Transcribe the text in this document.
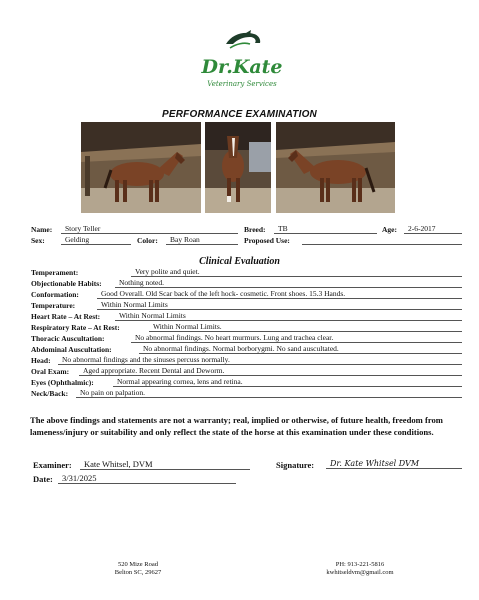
Dr.Kate
Veterinary Services
PERFORMANCE EXAMINATION
Name:	Story Teller	Breed:	TB	Age:	2-6-2017
Sex:	Gelding	Color:	Bay Roan	Proposed Use:
Clinical Evaluation
Temperament:	Very polite and quiet.
Objectionable Habits:	Nothing noted.
Conformation:	Good Overall. Old Scar back of the left hock- cosmetic. Front shoes. 15.3 Hands.
Temperature:	Within Normal Limits
Heart Rate – At Rest:	Within Normal Limits
Respiratory Rate – At Rest:	Within Normal Limits.
Thoracic Auscultation:	No abnormal findings. No heart murmurs. Lung and trachea clear.
Abdominal Auscultation:	No abnormal findings. Normal borborygmi. No sand auscultated.
Head:	No abnormal findings and the sinuses percuss normally.
Oral Exam:	Aged appropriate. Recent Dental and Deworm.
Eyes (Ophthalmic):	Normal appearing cornea, lens and retina.
Neck/Back:	No pain on palpation.
The above findings and statements are not a warranty; real, implied or otherwise, of future health, freedom from lameness/injury or suitability and only reflect the state of the horse at this examination under these conditions.
Examiner:	Kate Whitsel, DVM	Signature: Dr. Kate Whitsel DVM
Date:	3/31/2025
520 Mize Road
Belton SC, 29627
PH: 913-221-5816
kwhitseldvm@gmail.com
